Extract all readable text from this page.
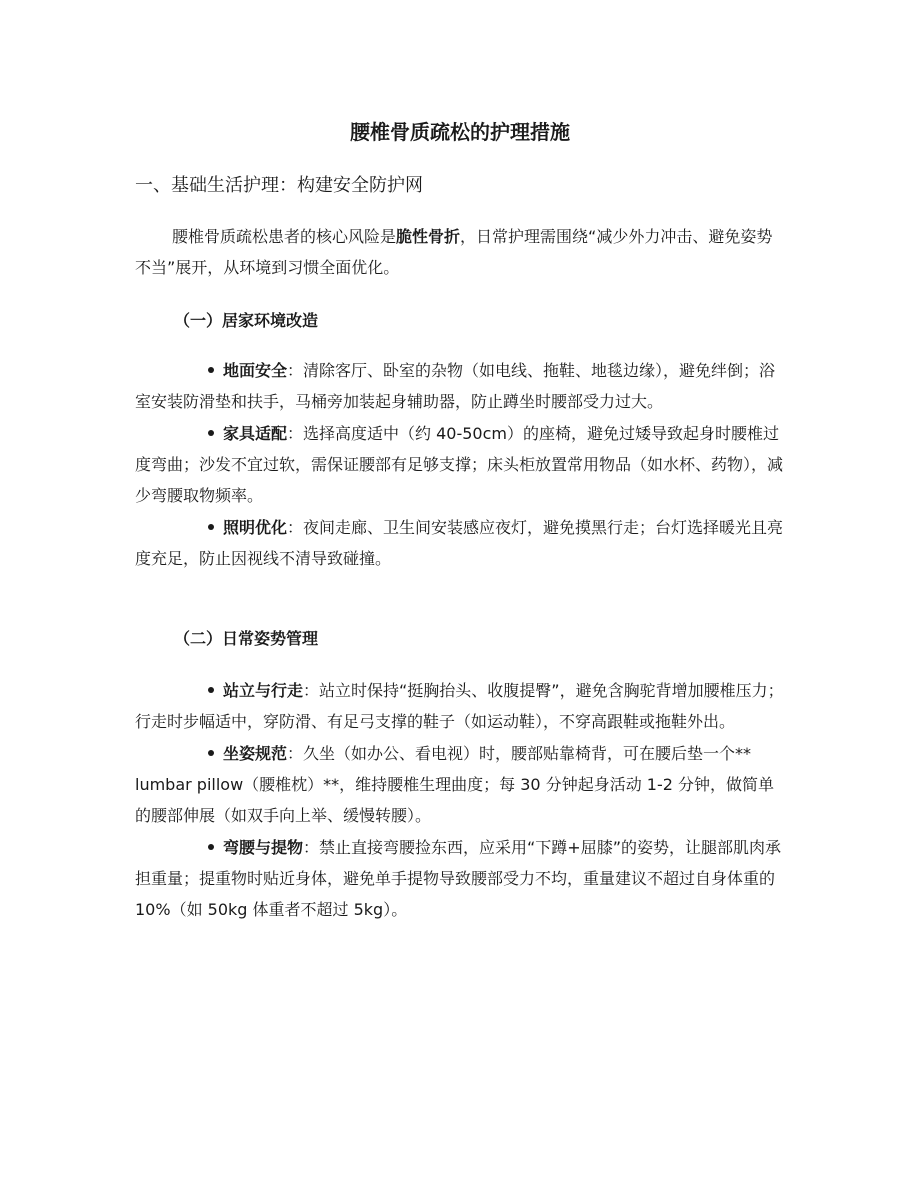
腰椎骨质疏松的护理措施
一、基础生活护理：构建安全防护网

腰椎骨质疏松患者的核心风险是脆性骨折，日常护理需围绕“减少外力冲击、避免姿势不当”展开，从环境到习惯全面优化。

（一）居家环境改造
地面安全：清除客厅、卧室的杂物（如电线、拖鞋、地毯边缘），避免绊倒；浴室安装防滑垫和扶手，马桶旁加装起身辅助器，防止蹲坐时腰部受力过大。
家具适配：选择高度适中（约 40-50cm）的座椅，避免过矮导致起身时腰椎过度弯曲；沙发不宜过软，需保证腰部有足够支撑；床头柜放置常用物品（如水杯、药物），减少弯腰取物频率。
照明优化：夜间走廊、卫生间安装感应夜灯，避免摸黑行走；台灯选择暖光且亮度充足，防止因视线不清导致碰撞。
（二）日常姿势管理
站立与行走：站立时保持“挺胸抬头、收腹提臀”，避免含胸驼背增加腰椎压力；行走时步幅适中，穿防滑、有足弓支撑的鞋子（如运动鞋），不穿高跟鞋或拖鞋外出。
坐姿规范：久坐（如办公、看电视）时，腰部贴靠椅背，可在腰后垫一个** lumbar pillow（腰椎枕）**，维持腰椎生理曲度；每 30 分钟起身活动 1-2 分钟，做简单的腰部伸展（如双手向上举、缓慢转腰）。
弯腰与提物：禁止直接弯腰捡东西，应采用“下蹲+屈膝”的姿势，让腿部肌肉承担重量；提重物时贴近身体，避免单手提物导致腰部受力不均，重量建议不超过自身体重的 10%（如 50kg 体重者不超过 5kg）。
